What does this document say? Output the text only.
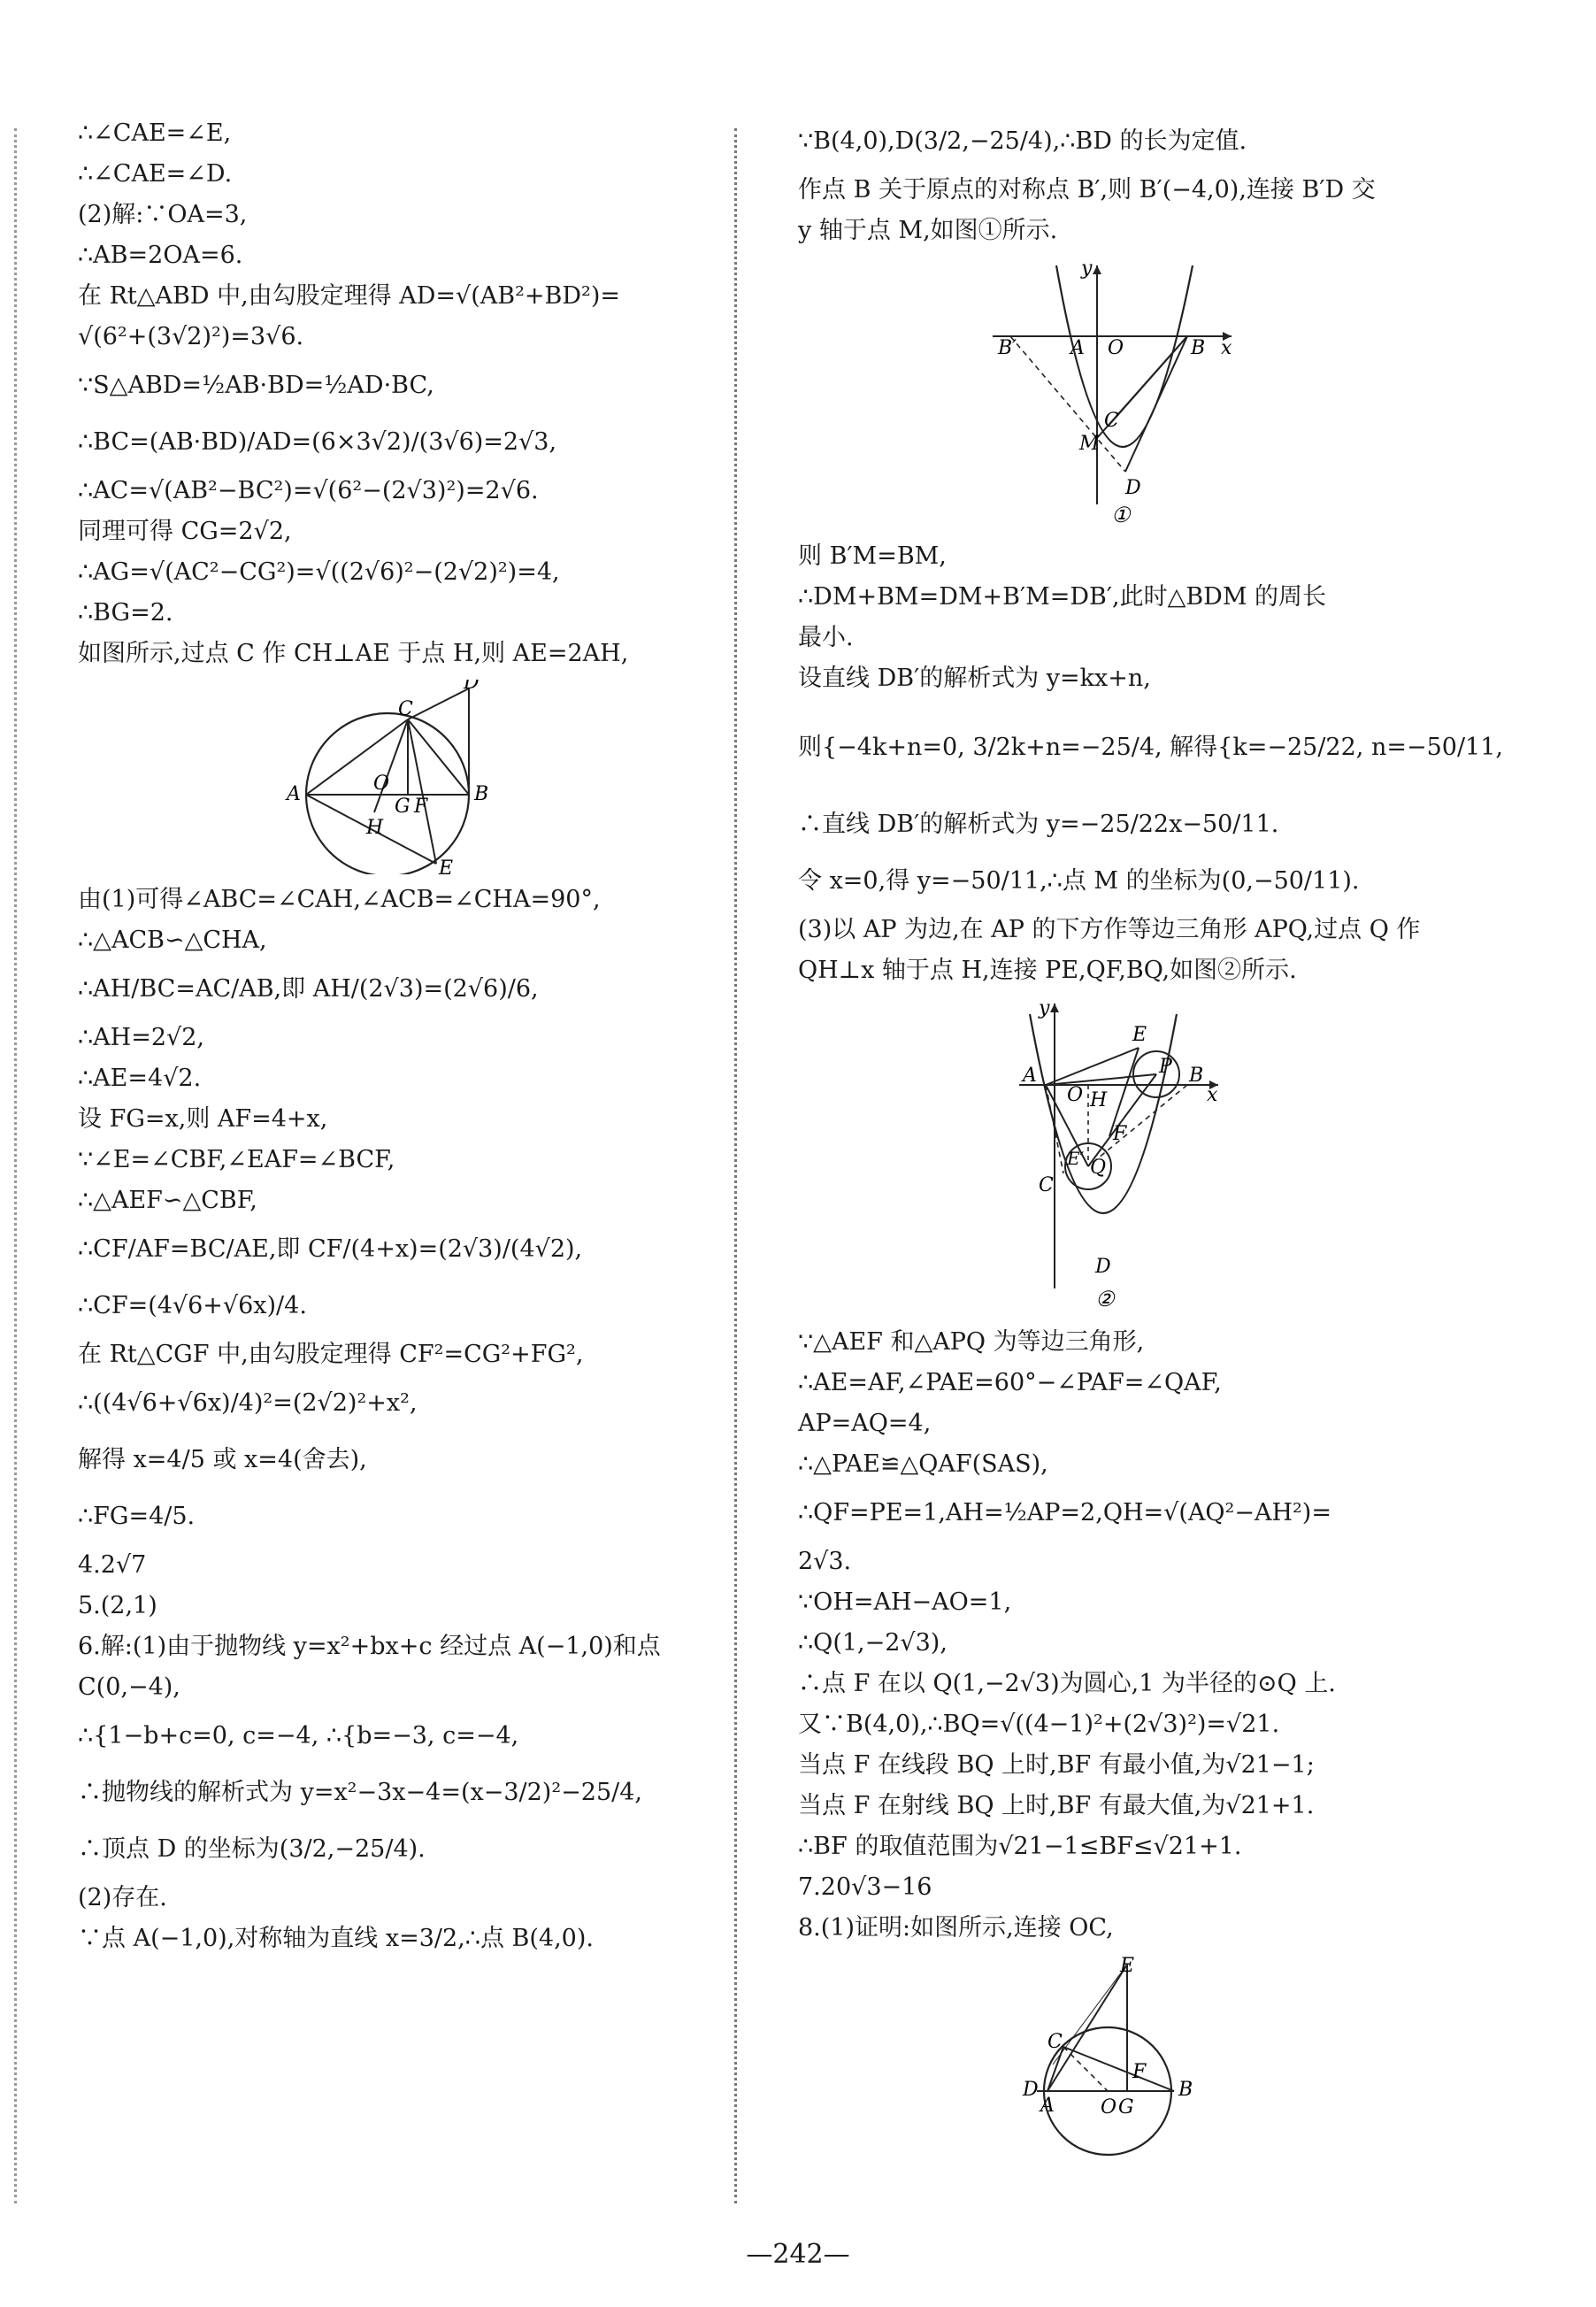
∴∠CAE=∠E,
∴∠CAE=∠D.
(2)解:∵OA=3,
∴AB=2OA=6.
在 Rt△ABD 中,由勾股定理得 AD=√(AB²+BD²)=
√(6²+(3√2)²)=3√6.
∵S△ABD=½AB·BD=½AD·BC,
∴BC=(AB·BD)/AD=(6×3√2)/(3√6)=2√3,
∴AC=√(AB²−BC²)=√(6²−(2√3)²)=2√6.
同理可得 CG=2√2,
∴AG=√(AC²−CG²)=√((2√6)²−(2√2)²)=4,
∴BG=2.
如图所示,过点 C 作 CH⊥AE 于点 H,则 AE=2AH,
D
C
O
A
G F
B
H
E
由(1)可得∠ABC=∠CAH,∠ACB=∠CHA=90°,
∴△ACB∽△CHA,
∴AH/BC=AC/AB,即 AH/(2√3)=(2√6)/6,
∴AH=2√2,
∴AE=4√2.
设 FG=x,则 AF=4+x,
∵∠E=∠CBF,∠EAF=∠BCF,
∴△AEF∽△CBF,
∴CF/AF=BC/AE,即 CF/(4+x)=(2√3)/(4√2),
∴CF=(4√6+√6x)/4.
在 Rt△CGF 中,由勾股定理得 CF²=CG²+FG²,
∴((4√6+√6x)/4)²=(2√2)²+x²,
解得 x=4/5 或 x=4(舍去),
∴FG=4/5.
4.2√7
5.(2,1)
6.解:(1)由于抛物线 y=x²+bx+c 经过点 A(−1,0)和点
C(0,−4),
∴{1−b+c=0, c=−4, ∴{b=−3, c=−4,
∴抛物线的解析式为 y=x²−3x−4=(x−3/2)²−25/4,
∴顶点 D 的坐标为(3/2,−25/4).
(2)存在.
∵点 A(−1,0),对称轴为直线 x=3/2,∴点 B(4,0).
∵B(4,0),D(3/2,−25/4),∴BD 的长为定值.
作点 B 关于原点的对称点 B′,则 B′(−4,0),连接 B′D 交
y 轴于点 M,如图①所示.
y
B′	A O	B x
C
M
D
①
则 B′M=BM,
∴DM+BM=DM+B′M=DB′,此时△BDM 的周长
最小.
设直线 DB′的解析式为 y=kx+n,
则{−4k+n=0, 3/2k+n=−25/4, 解得{k=−25/22, n=−50/11,
∴直线 DB′的解析式为 y=−25/22x−50/11.
令 x=0,得 y=−50/11,∴点 M 的坐标为(0,−50/11).
(3)以 AP 为边,在 AP 的下方作等边三角形 APQ,过点 Q 作
QH⊥x 轴于点 H,连接 PE,QF,BQ,如图②所示.
y
E
A
O
P B
x
H
F
E′ Q
C
D
②
∵△AEF 和△APQ 为等边三角形,
∴AE=AF,∠PAE=60°−∠PAF=∠QAF,
AP=AQ=4,
∴△PAE≌△QAF(SAS),
∴QF=PE=1,AH=½AP=2,QH=√(AQ²−AH²)=
2√3.
∵OH=AH−AO=1,
∴Q(1,−2√3),
∴点 F 在以 Q(1,−2√3)为圆心,1 为半径的⊙Q 上.
又∵B(4,0),∴BQ=√((4−1)²+(2√3)²)=√21.
当点 F 在线段 BQ 上时,BF 有最小值,为√21−1;
当点 F 在射线 BQ 上时,BF 有最大值,为√21+1.
∴BF 的取值范围为√21−1≤BF≤√21+1.
7.20√3−16
8.(1)证明:如图所示,连接 OC,
E
C
F
D
A O G
B
—242—
